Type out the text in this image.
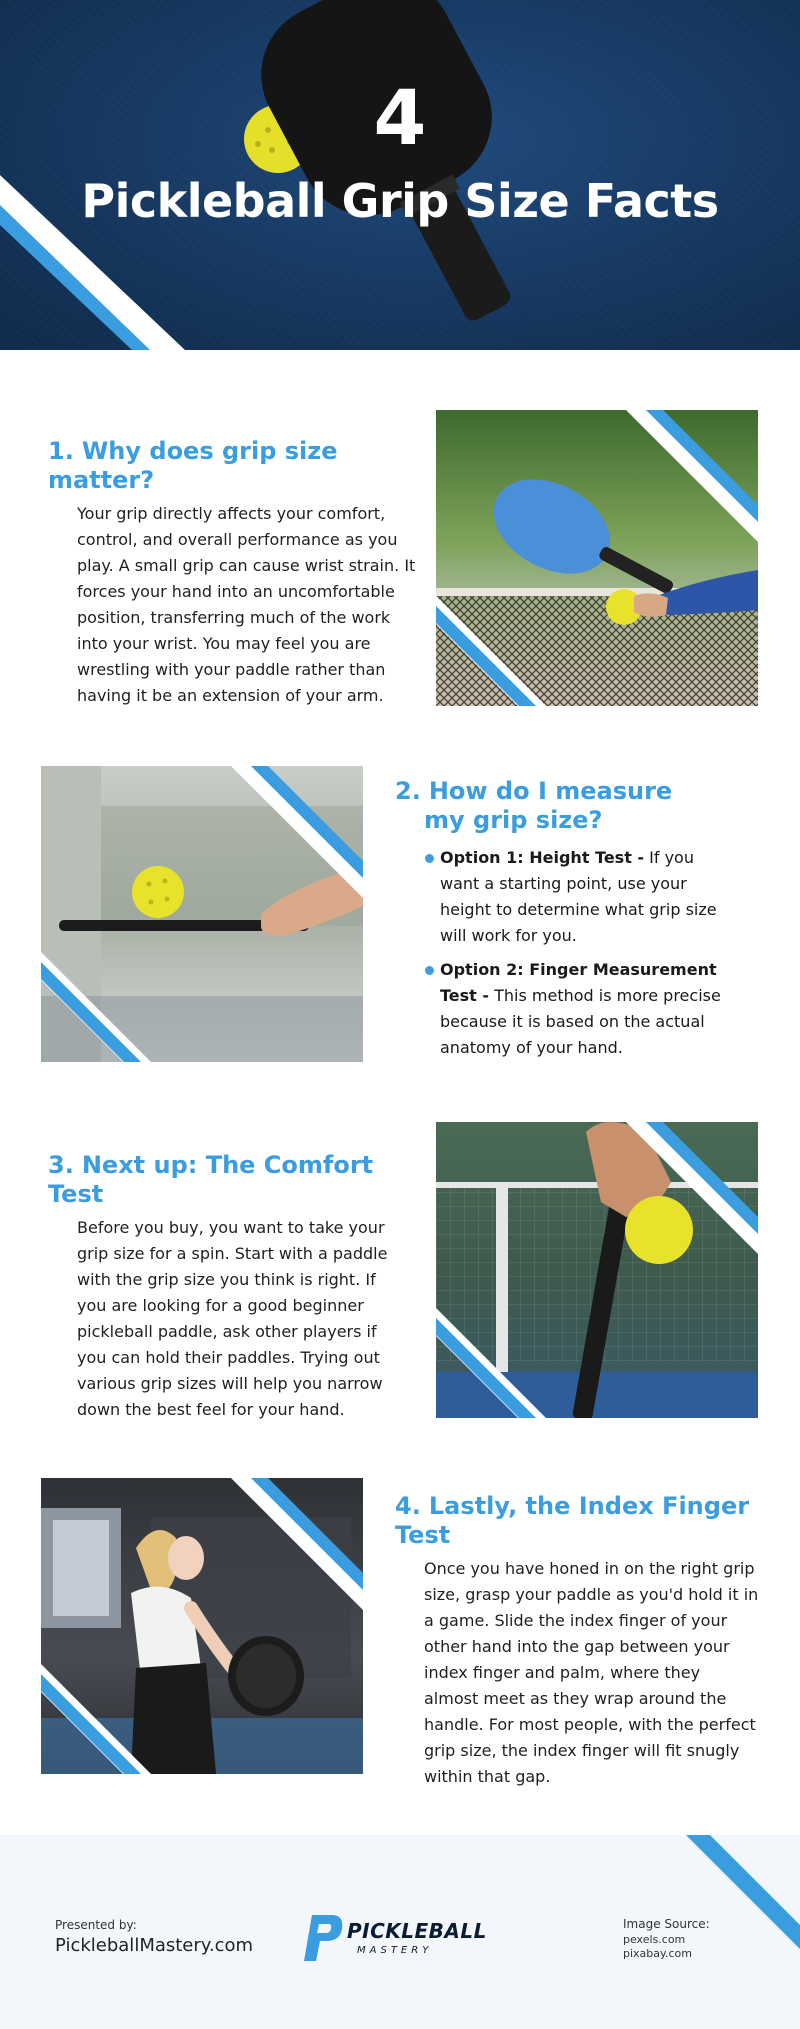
4
Pickleball Grip Size Facts
1. Why does grip size matter?
Your grip directly affects your comfort, control, and overall performance as you play. A small grip can cause wrist strain. It forces your hand into an uncomfortable position, transferring much of the work into your wrist. You may feel you are wrestling with your paddle rather than having it be an extension of your arm.
2. How do I measure
my grip size?
Option 1: Height Test - If you want a starting point, use your height to determine what grip size will work for you.
Option 2: Finger Measurement Test - This method is more precise because it is based on the actual anatomy of your hand.
3. Next up: The Comfort Test
Before you buy, you want to take your grip size for a spin. Start with a paddle with the grip size you think is right. If you are looking for a good beginner pickleball paddle, ask other players if you can hold their paddles. Trying out various grip sizes will help you narrow down the best feel for your hand.
4. Lastly, the Index Finger Test
Once you have honed in on the right grip size, grasp your paddle as you'd hold it in a game. Slide the index finger of your other hand into the gap between your index finger and palm, where they almost meet as they wrap around the handle. For most people, with the perfect grip size, the index finger will fit snugly within that gap.
Presented by:
PickleballMastery.com
PICKLEBALL
MASTERY
Image Source:
pexels.com
pixabay.com
